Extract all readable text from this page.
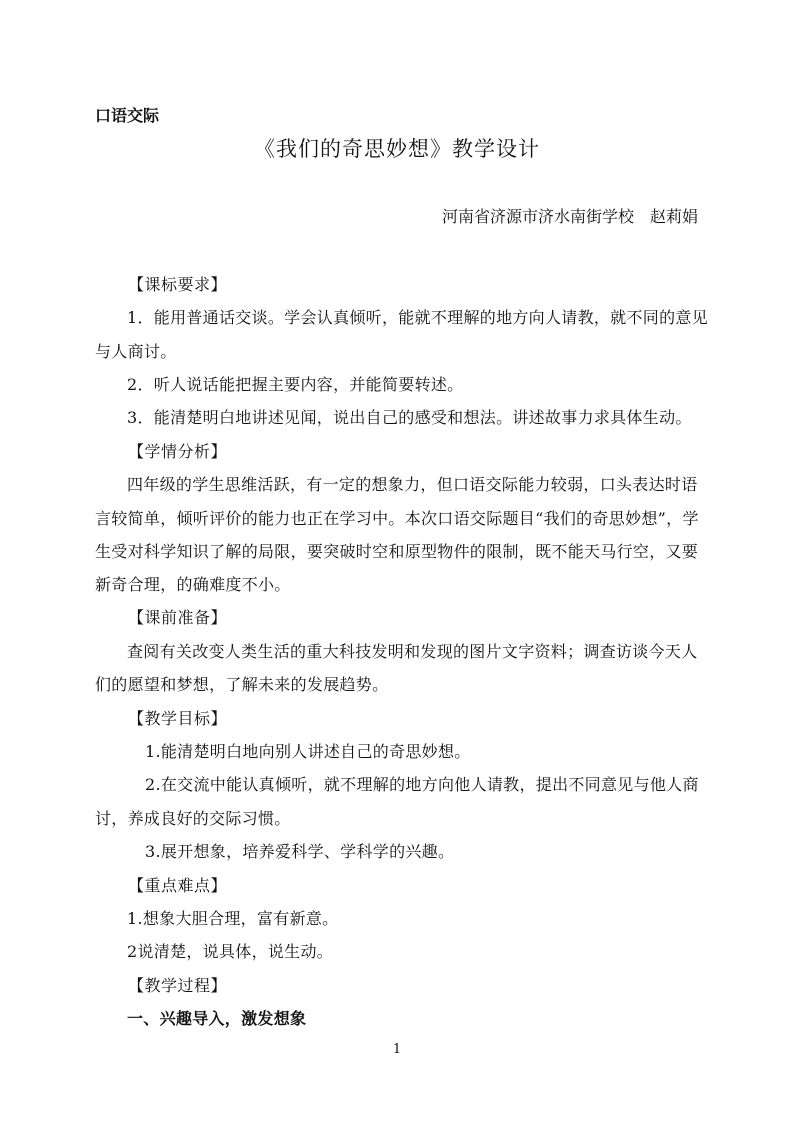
口语交际
《我们的奇思妙想》教学设计
河南省济源市济水南街学校　赵莉娟
【课标要求】
1．能用普通话交谈。学会认真倾听，能就不理解的地方向人请教，就不同的意见
与人商讨。
2．听人说话能把握主要内容，并能简要转述。
3．能清楚明白地讲述见闻，说出自己的感受和想法。讲述故事力求具体生动。
【学情分析】
四年级的学生思维活跃，有一定的想象力，但口语交际能力较弱，口头表达时语
言较简单，倾听评价的能力也正在学习中。本次口语交际题目“我们的奇思妙想”，学
生受对科学知识了解的局限，要突破时空和原型物件的限制，既不能天马行空，又要
新奇合理，的确难度不小。
【课前准备】
查阅有关改变人类生活的重大科技发明和发现的图片文字资料；调查访谈今天人
们的愿望和梦想，了解未来的发展趋势。
【教学目标】
1.能清楚明白地向别人讲述自己的奇思妙想。
2.在交流中能认真倾听，就不理解的地方向他人请教，提出不同意见与他人商
讨，养成良好的交际习惯。
3.展开想象，培养爱科学、学科学的兴趣。
【重点难点】
1.想象大胆合理，富有新意。
2说清楚，说具体，说生动。
【教学过程】
一、兴趣导入，激发想象
1
